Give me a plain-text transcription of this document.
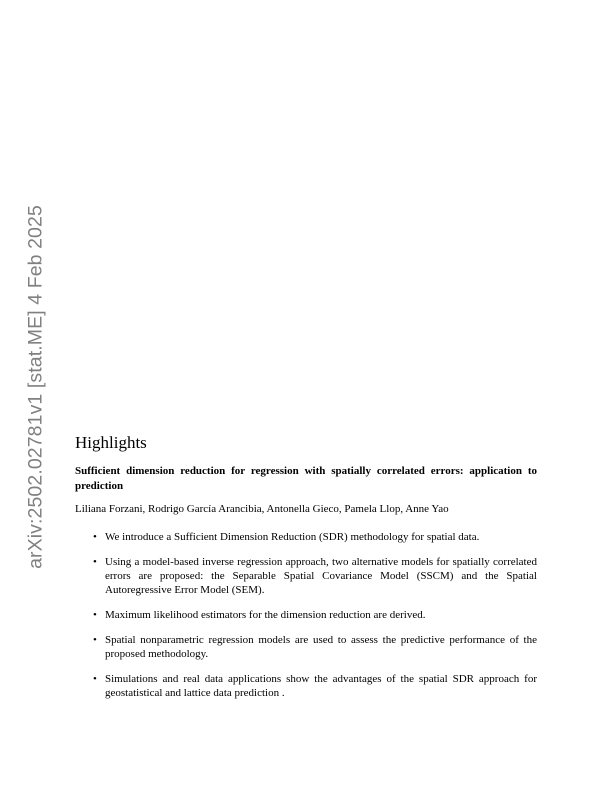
arXiv:2502.02781v1 [stat.ME] 4 Feb 2025 Highlights
Sufficient dimension reduction for regression with spatially correlated errors: application to prediction
Liliana Forzani, Rodrigo García Arancibia, Antonella Gieco, Pamela Llop, Anne Yao
• We introduce a Sufficient Dimension Reduction (SDR) methodology for spatial data.
• Using a model-based inverse regression approach, two alternative models for spatially correlated errors are proposed: the Separable Spatial Covariance Model (SSCM) and the Spatial Autoregressive Error Model (SEM).
• Maximum likelihood estimators for the dimension reduction are derived.
• Spatial nonparametric regression models are used to assess the predictive performance of the proposed methodology.
• Simulations and real data applications show the advantages of the spatial SDR approach for geostatistical and lattice data prediction .
